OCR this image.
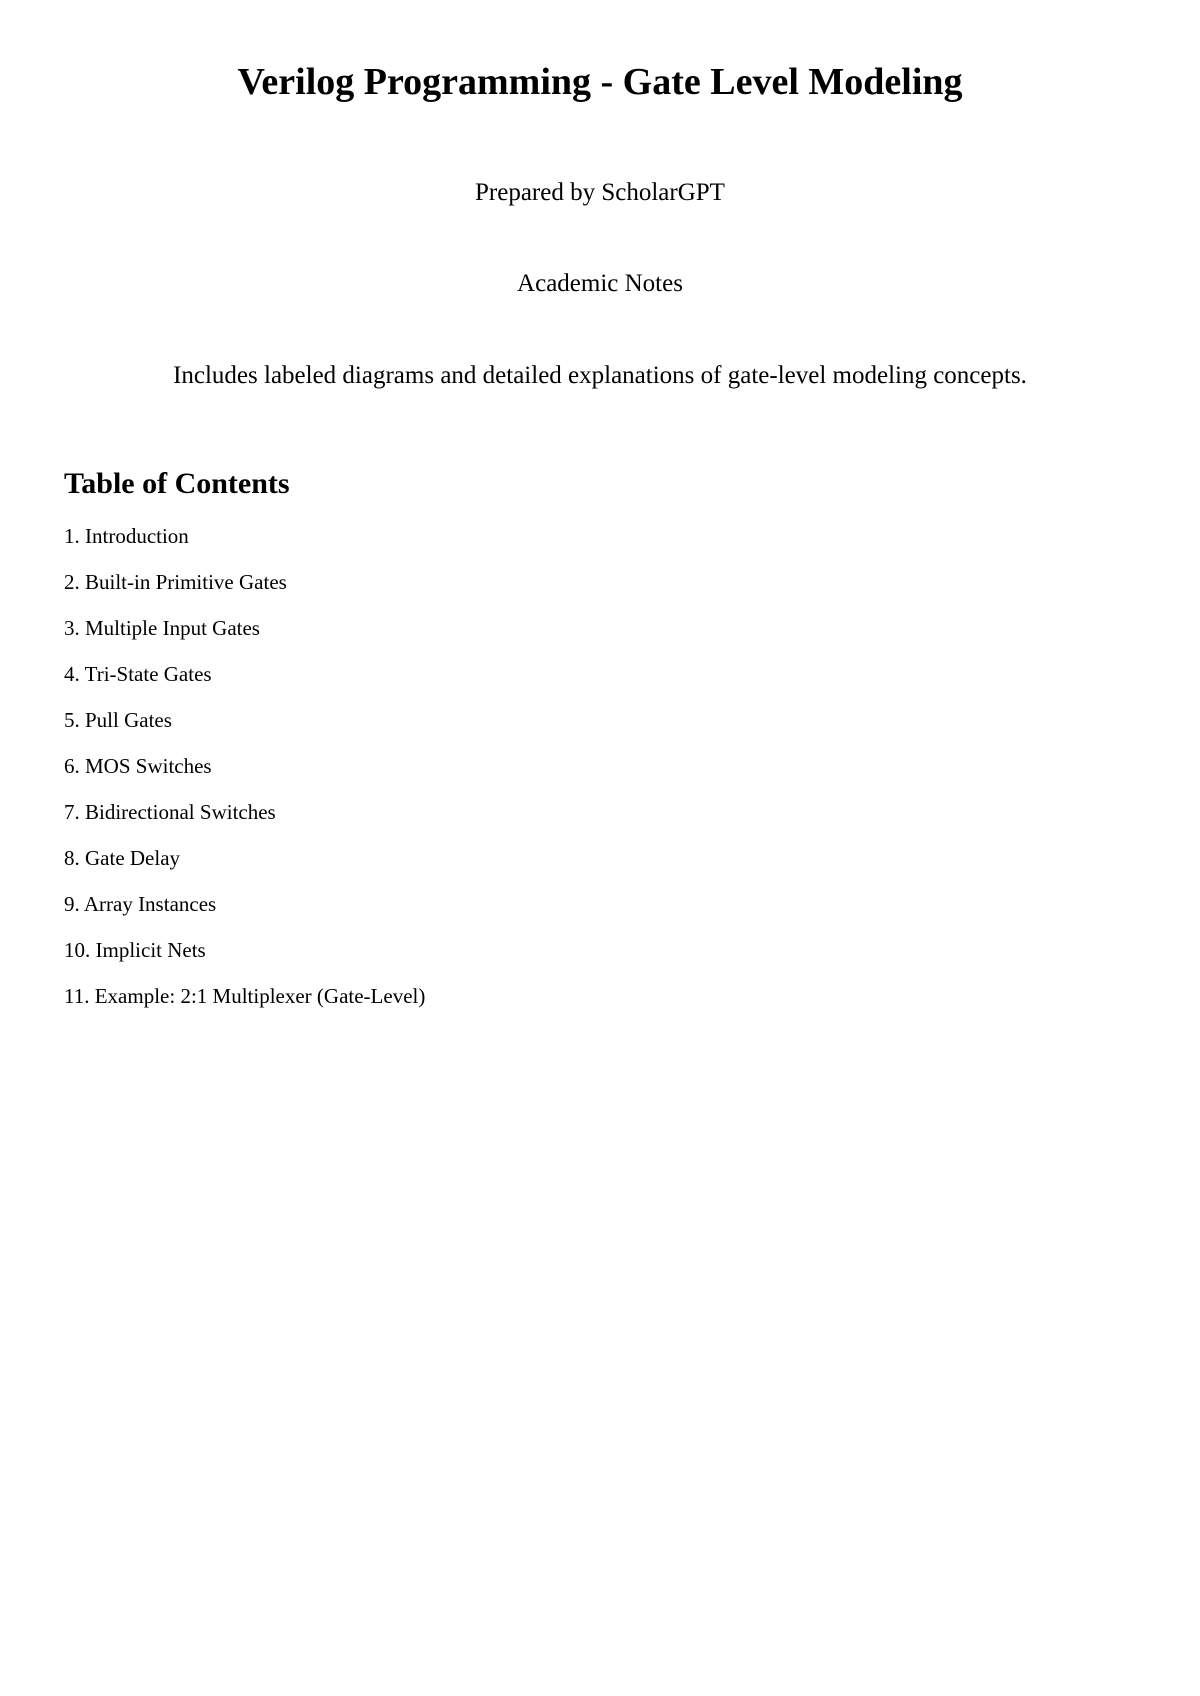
Verilog Programming - Gate Level Modeling

Prepared by ScholarGPT

Academic Notes

Includes labeled diagrams and detailed explanations of gate-level modeling concepts.

Table of Contents
1. Introduction
2. Built-in Primitive Gates
3. Multiple Input Gates
4. Tri-State Gates
5. Pull Gates
6. MOS Switches
7. Bidirectional Switches
8. Gate Delay
9. Array Instances
10. Implicit Nets
11. Example: 2:1 Multiplexer (Gate-Level)
